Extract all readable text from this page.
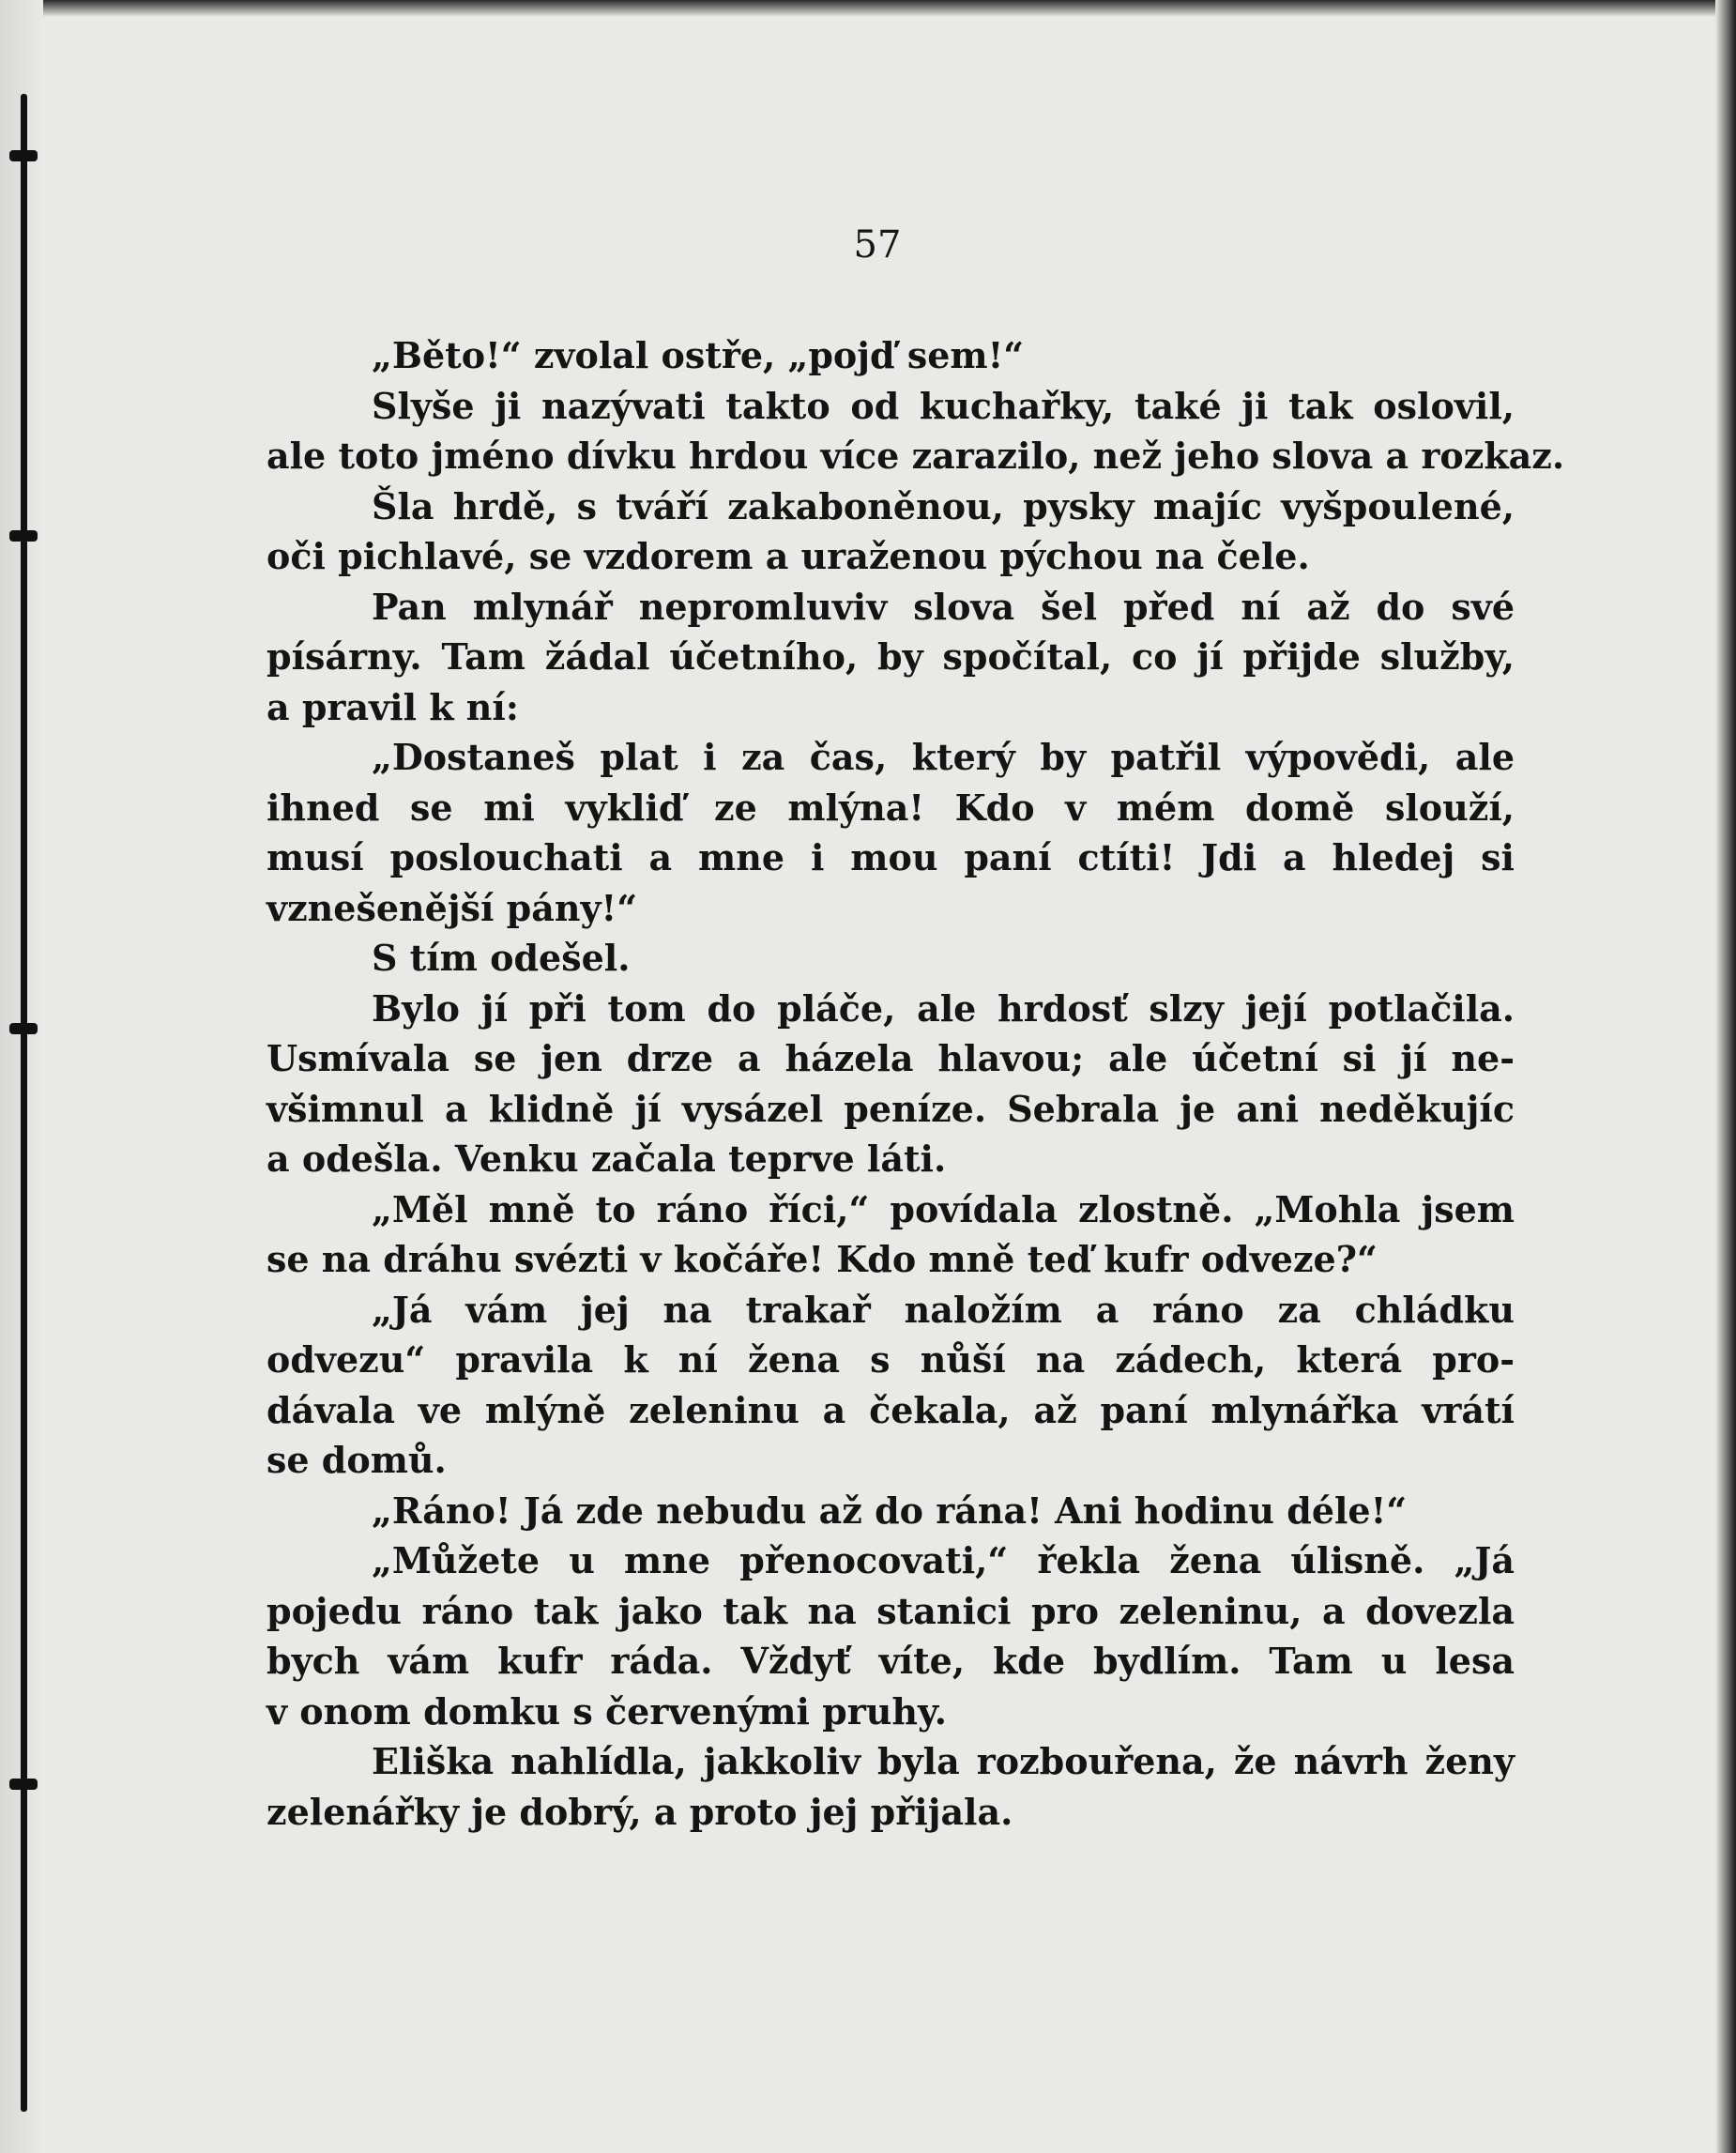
57
„Běto!“ zvolal ostře, „pojď sem!“
Slyše ji nazývati takto od kuchařky, také ji tak oslovil,
ale toto jméno dívku hrdou více zarazilo, než jeho slova a rozkaz.
Šla hrdě, s tváří zakaboněnou, pysky majíc vyšpoulené,
oči pichlavé, se vzdorem a uraženou pýchou na čele.
Pan mlynář nepromluviv slova šel před ní až do své
písárny. Tam žádal účetního, by spočítal, co jí přijde služby,
a pravil k ní:
„Dostaneš plat i za čas, který by patřil výpovědi, ale
ihned se mi vykliď ze mlýna! Kdo v mém domě slouží,
musí poslouchati a mne i mou paní ctíti! Jdi a hledej si
vznešenější pány!“
S tím odešel.
Bylo jí při tom do pláče, ale hrdosť slzy její potlačila.
Usmívala se jen drze a házela hlavou; ale účetní si jí ne-
všimnul a klidně jí vysázel peníze. Sebrala je ani neděkujíc
a odešla. Venku začala teprve láti.
„Měl mně to ráno říci,“ povídala zlostně. „Mohla jsem
se na dráhu svézti v kočáře! Kdo mně teď kufr odveze?“
„Já vám jej na trakař naložím a ráno za chládku
odvezu“ pravila k ní žena s nůší na zádech, která pro-
dávala ve mlýně zeleninu a čekala, až paní mlynářka vrátí
se domů.
„Ráno! Já zde nebudu až do rána! Ani hodinu déle!“
„Můžete u mne přenocovati,“ řekla žena úlisně. „Já
pojedu ráno tak jako tak na stanici pro zeleninu, a dovezla
bych vám kufr ráda. Vždyť víte, kde bydlím. Tam u lesa
v onom domku s červenými pruhy.
Eliška nahlídla, jakkoliv byla rozbouřena, že návrh ženy
zelenářky je dobrý, a proto jej přijala.
